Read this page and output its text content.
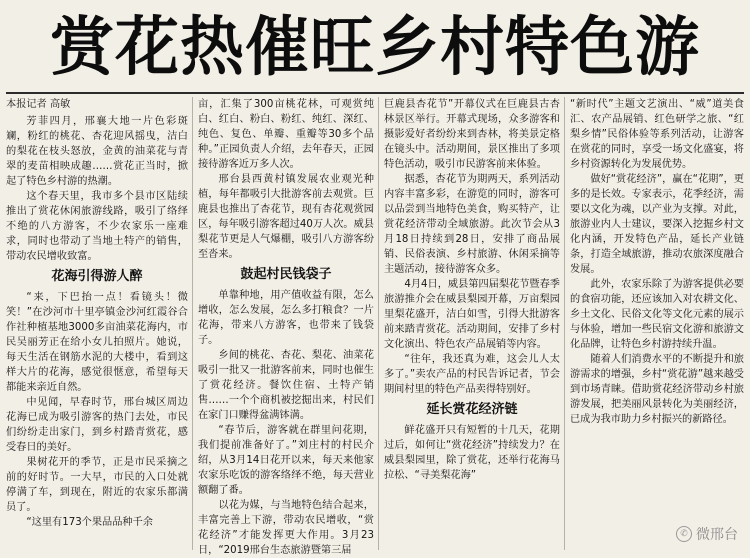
赏花热催旺乡村特色游
本报记者 高敏

芳菲四月，邢襄大地一片色彩斑斓，粉红的桃花、杏花迎风摇曳，洁白的梨花在枝头怒放，金黄的油菜花与青翠的麦苗相映成趣……赏花正当时，掀起了特色乡村游的热潮。

这个春天里，我市多个县市区陆续推出了赏花休闲旅游线路，吸引了络绎不绝的八方游客，不少农家乐一座难求，同时也带动了当地土特产的销售，带动农民增收致富。

花海引得游人醉

“来，下巴抬一点！看镜头！微笑！”在沙河市十里亭镇金沙河红霞谷合作社种植基地3000多亩油菜花海内，市民吴丽芳正在给小女儿拍照片。她说，每天生活在钢筋水泥的大楼中，看到这样大片的花海，感觉很惬意，希望每天都能来亲近自然。

中见闻，早春时节，邢台城区周边花海已成为吸引游客的热门去处，市民们纷纷走出家门，到乡村踏青赏花，感受春日的美好。

果树花开的季节，正是市民采摘之前的好时节。一大早，市民的入口处就停满了车，到现在，附近的农家乐都满员了。

“这里有173个果品品种千余

亩，汇集了300亩桃花林，可观赏纯白、红白、粉白、粉红、纯红、深红、纯色、复色、单瓣、重瓣等30多个品种。”正园负责人介绍，去年春天，正园接待游客近万多人次。

邢台县西黄村镇发展农业观光种植，每年都吸引大批游客前去观赏。巨鹿县也推出了杏花节，现有杏花观赏园区，每年吸引游客超过40万人次。威县梨花节更是人气爆棚，吸引八方游客纷至沓来。

鼓起村民钱袋子

单靠种地，用产值收益有限，怎么增收，怎么发展，怎么多打粮食？一片花海，带来八方游客，也带来了钱袋子。

乡间的桃花、杏花、梨花、油菜花吸引一批又一批游客前来，同时也催生了赏花经济。餐饮住宿、土特产销售……一个个商机被挖掘出来，村民们在家门口赚得盆满钵满。

“春节后，游客就在群里问花期，我们提前准备好了。”刘庄村的村民介绍，从3月14日花开以来，每天来他家农家乐吃饭的游客络绎不绝，每天营业额翻了番。

以花为媒，与当地特色结合起来，丰富完善上下游，带动农民增收，“赏花经济”才能发挥更大作用。3月23日，“2019邢台生态旅游暨第三届

巨鹿县杏花节”开幕仪式在巨鹿县古杏林景区举行。开幕式现场，众多游客和摄影爱好者纷纷来到杏林，将美景定格在镜头中。活动期间，景区推出了多项特色活动，吸引市民游客前来体验。

据悉，杏花节为期两天，系列活动内容丰富多彩，在游览的同时，游客可以品尝到当地特色美食，购买特产，让赏花经济带动全域旅游。此次节会从3月18日持续到28日，安排了商品展销、民俗表演、乡村旅游、休闲采摘等主题活动，接待游客众多。

4月4日，威县第四届梨花节暨春季旅游推介会在威县梨园开幕，万亩梨园里梨花盛开，洁白如雪，引得大批游客前来踏青赏花。活动期间，安排了乡村文化演出、特色农产品展销等内容。

“往年，我还真为难，这会儿人太多了。”卖农产品的村民告诉记者，节会期间村里的特色产品卖得特别好。

延长赏花经济链

鲜花盛开只有短暂的十几天，花期过后，如何让“赏花经济”持续发力？在威县梨园里，除了赏花，还举行花海马拉松、“寻美梨花海”

“新时代”主题文艺演出、“威”道美食汇、农产品展销、红色研学之旅、“红梨乡情”民俗体验等系列活动，让游客在赏花的同时，享受一场文化盛宴，将乡村资源转化为发展优势。

做好“赏花经济”，赢在“花期”，更多的是长效。专家表示，花季经济，需要以文化为魂，以产业为支撑。对此，旅游业内人士建议，要深入挖掘乡村文化内涵，开发特色产品，延长产业链条，打造全域旅游，推动农旅深度融合发展。

此外，农家乐除了为游客提供必要的食宿功能，还应该加入对农耕文化、乡土文化、民俗文化等文化元素的展示与体验，增加一些民宿文化游和旅游文化品牌，让特色乡村游持续升温。

随着人们消费水平的不断提升和旅游需求的增强，乡村“赏花游”越来越受到市场青睐。借助赏花经济带动乡村旅游发展，把美丽风景转化为美丽经济，已成为我市助力乡村振兴的新路径。

✆ 微邢台
